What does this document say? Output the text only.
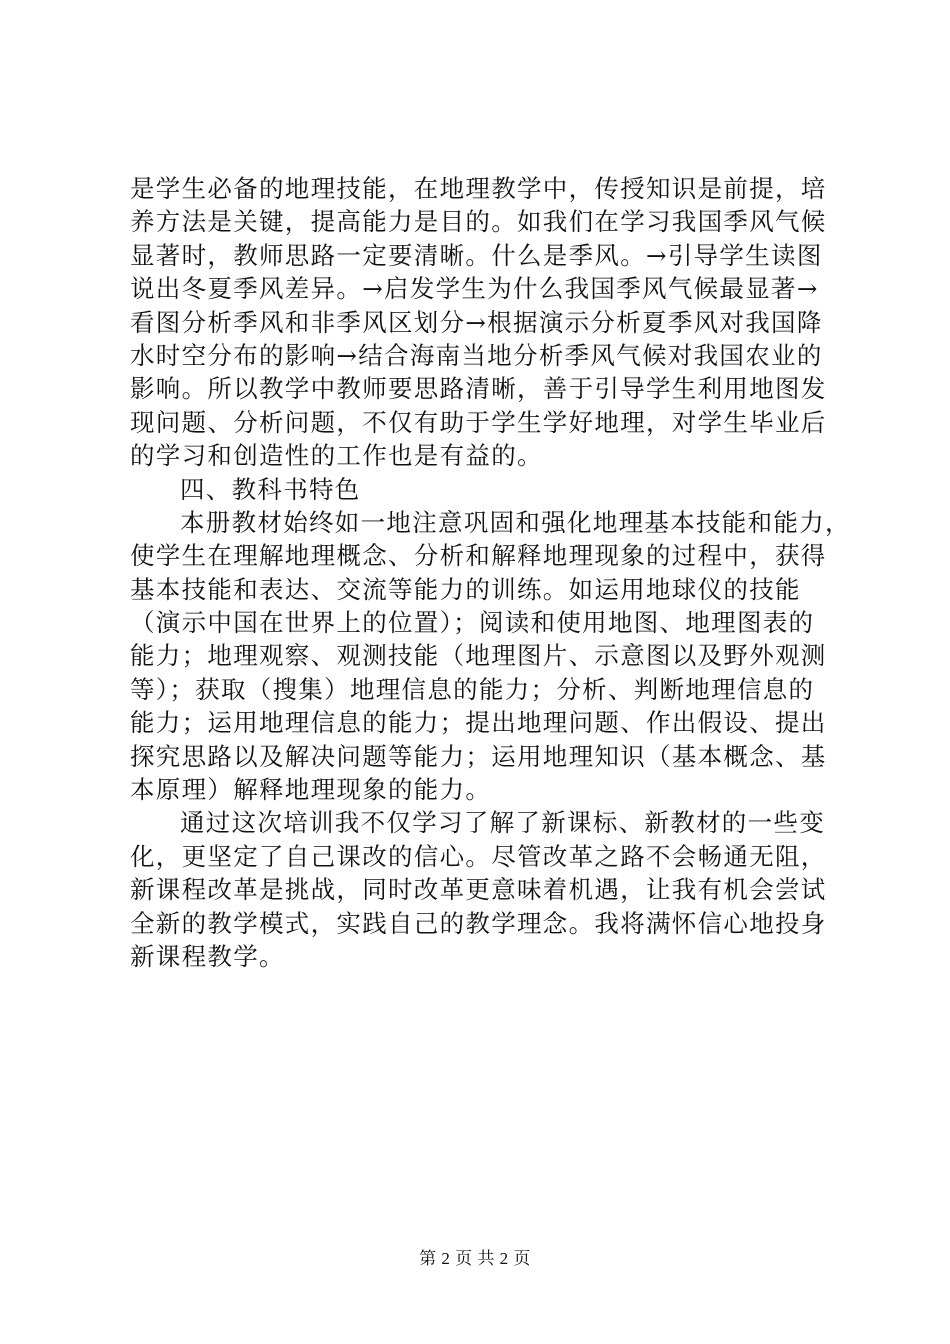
是学生必备的地理技能，在地理教学中，传授知识是前提，培
养方法是关键，提高能力是目的。如我们在学习我国季风气候
显著时，教师思路一定要清晰。什么是季风。→引导学生读图
说出冬夏季风差异。→启发学生为什么我国季风气候最显著→
看图分析季风和非季风区划分→根据演示分析夏季风对我国降
水时空分布的影响→结合海南当地分析季风气候对我国农业的
影响。所以教学中教师要思路清晰，善于引导学生利用地图发
现问题、分析问题，不仅有助于学生学好地理，对学生毕业后
的学习和创造性的工作也是有益的。
四、教科书特色
本册教材始终如一地注意巩固和强化地理基本技能和能力，
使学生在理解地理概念、分析和解释地理现象的过程中，获得
基本技能和表达、交流等能力的训练。如运用地球仪的技能
（演示中国在世界上的位置）；阅读和使用地图、地理图表的
能力；地理观察、观测技能（地理图片、示意图以及野外观测
等）；获取（搜集）地理信息的能力；分析、判断地理信息的
能力；运用地理信息的能力；提出地理问题、作出假设、提出
探究思路以及解决问题等能力；运用地理知识（基本概念、基
本原理）解释地理现象的能力。
通过这次培训我不仅学习了解了新课标、新教材的一些变
化，更坚定了自己课改的信心。尽管改革之路不会畅通无阻，
新课程改革是挑战，同时改革更意味着机遇，让我有机会尝试
全新的教学模式，实践自己的教学理念。我将满怀信心地投身
新课程教学。
第 2 页 共 2 页
